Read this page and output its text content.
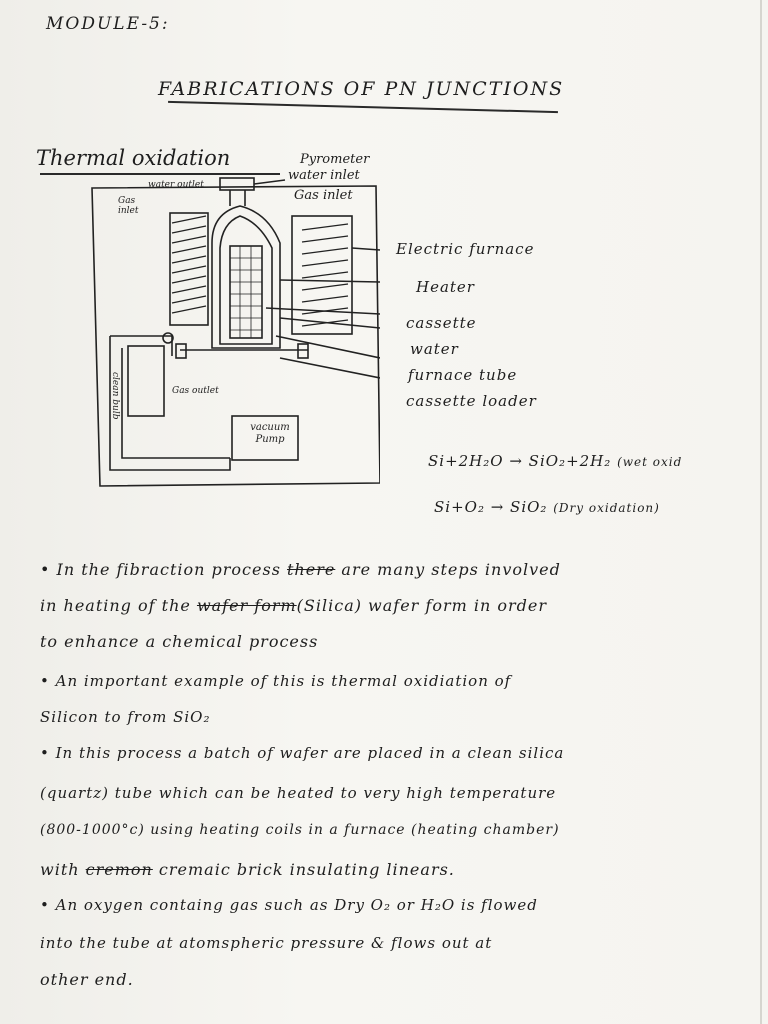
MODULE-5:
FABRICATIONS OF PN JUNCTIONS
Thermal oxidation	Pyrometer
water inlet
water outlet
Gas inlet
Gas inlet
Electric furnace
Heater
cassette
water
furnace tube
cassette loader
clean bulb	Gas outlet
vacuum Pump
Si+2H₂O → SiO₂+2H₂ (wet oxid
Si+O₂ → SiO₂ (Dry oxidation)
• In the fibraction process there are many steps involved
in heating of the wafer form(Silica) wafer form in order
to enhance a chemical process
• An important example of this is thermal oxidiation of
Silicon to from SiO₂
• In this process a batch of wafer are placed in a clean silica
(quartz) tube which can be heated to very high temperature
(800-1000°c) using heating coils in a furnace (heating chamber)
with cremon cremaic brick insulating linears.
• An oxygen containg gas such as Dry O₂ or H₂O is flowed
into the tube at atomspheric pressure & flows out at
other end.
